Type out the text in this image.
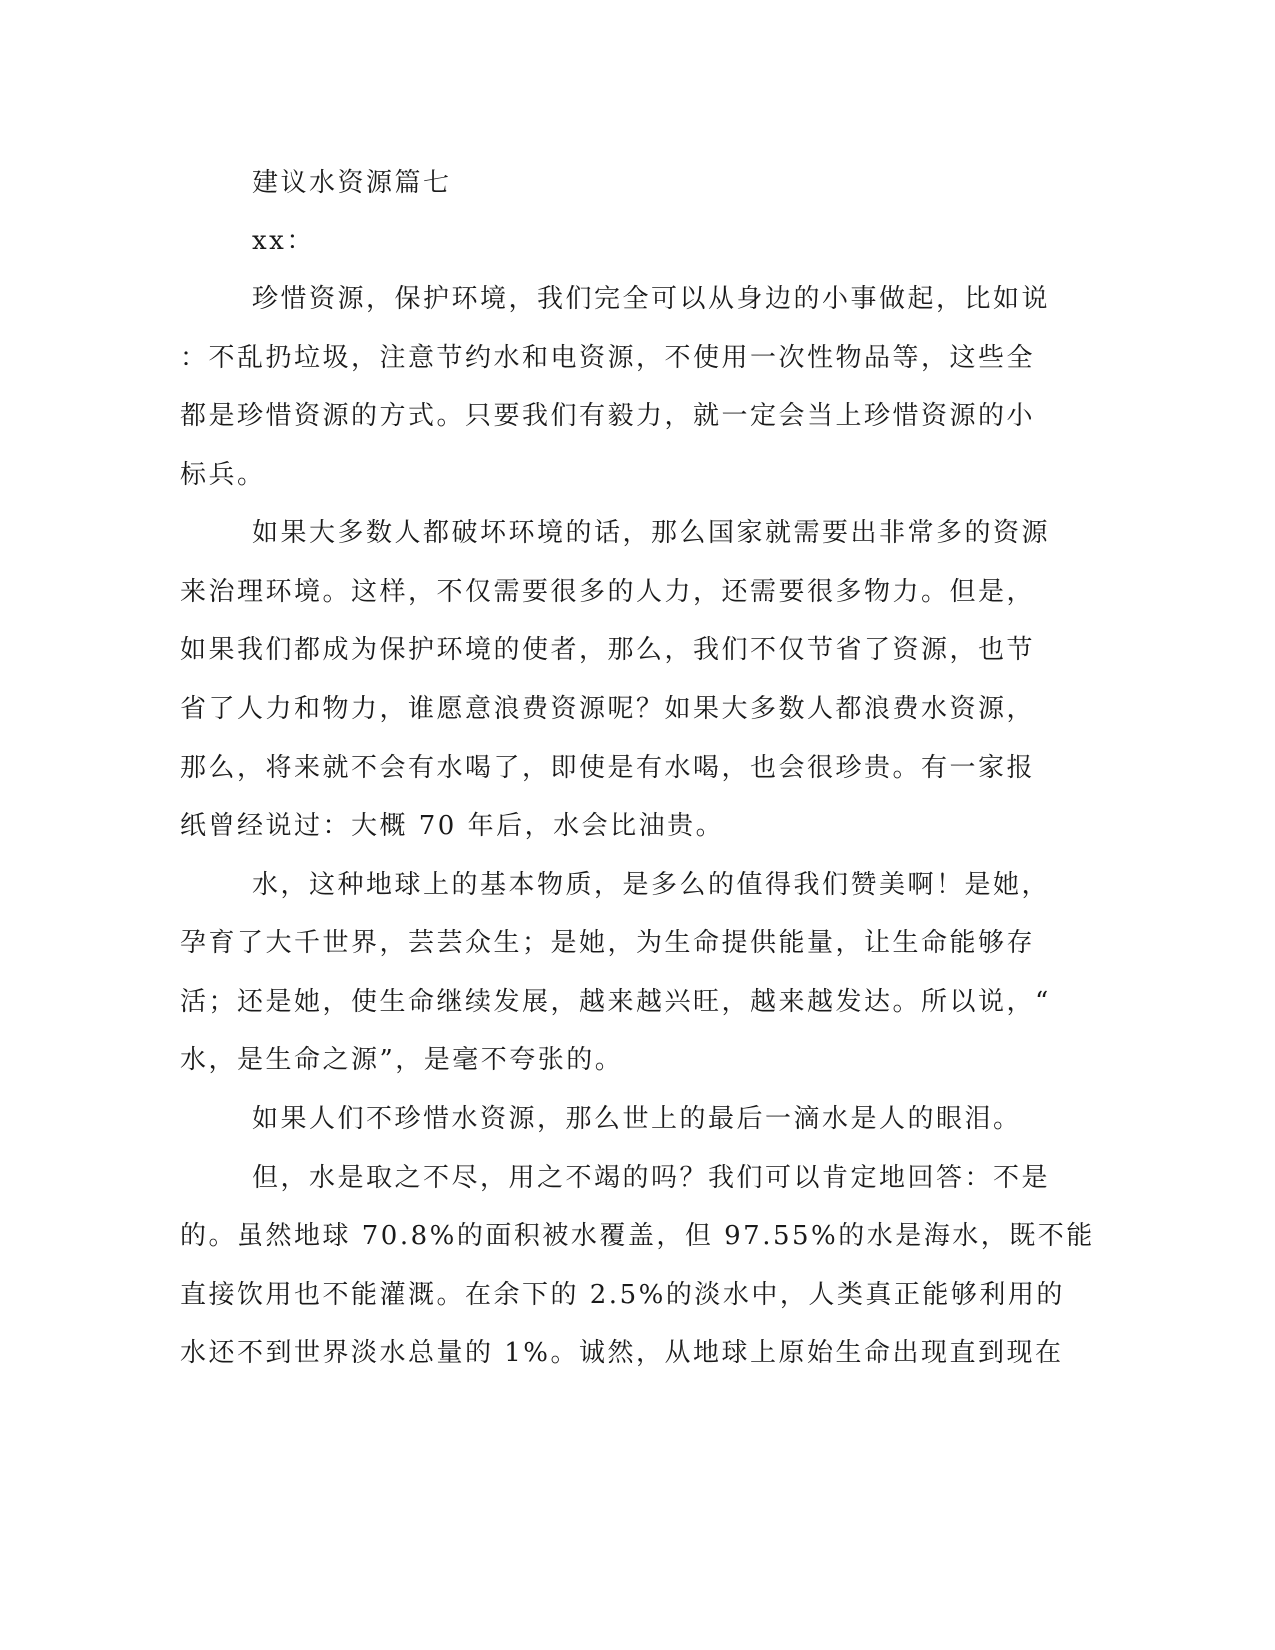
建议水资源篇七

xx：

珍惜资源，保护环境，我们完全可以从身边的小事做起，比如说

：不乱扔垃圾，注意节约水和电资源，不使用一次性物品等，这些全

都是珍惜资源的方式。只要我们有毅力，就一定会当上珍惜资源的小

标兵。

如果大多数人都破坏环境的话，那么国家就需要出非常多的资源

来治理环境。这样，不仅需要很多的人力，还需要很多物力。但是，

如果我们都成为保护环境的使者，那么，我们不仅节省了资源，也节

省了人力和物力，谁愿意浪费资源呢？如果大多数人都浪费水资源，

那么，将来就不会有水喝了，即使是有水喝，也会很珍贵。有一家报

纸曾经说过：大概 70 年后，水会比油贵。

水，这种地球上的基本物质，是多么的值得我们赞美啊！是她，

孕育了大千世界，芸芸众生；是她，为生命提供能量，让生命能够存

活；还是她，使生命继续发展，越来越兴旺，越来越发达。所以说，“

水，是生命之源”，是毫不夸张的。

如果人们不珍惜水资源，那么世上的最后一滴水是人的眼泪。

但，水是取之不尽，用之不竭的吗？我们可以肯定地回答：不是

的。虽然地球 70.8%的面积被水覆盖，但 97.55%的水是海水，既不能

直接饮用也不能灌溉。在余下的 2.5%的淡水中，人类真正能够利用的

水还不到世界淡水总量的 1%。诚然，从地球上原始生命出现直到现在
